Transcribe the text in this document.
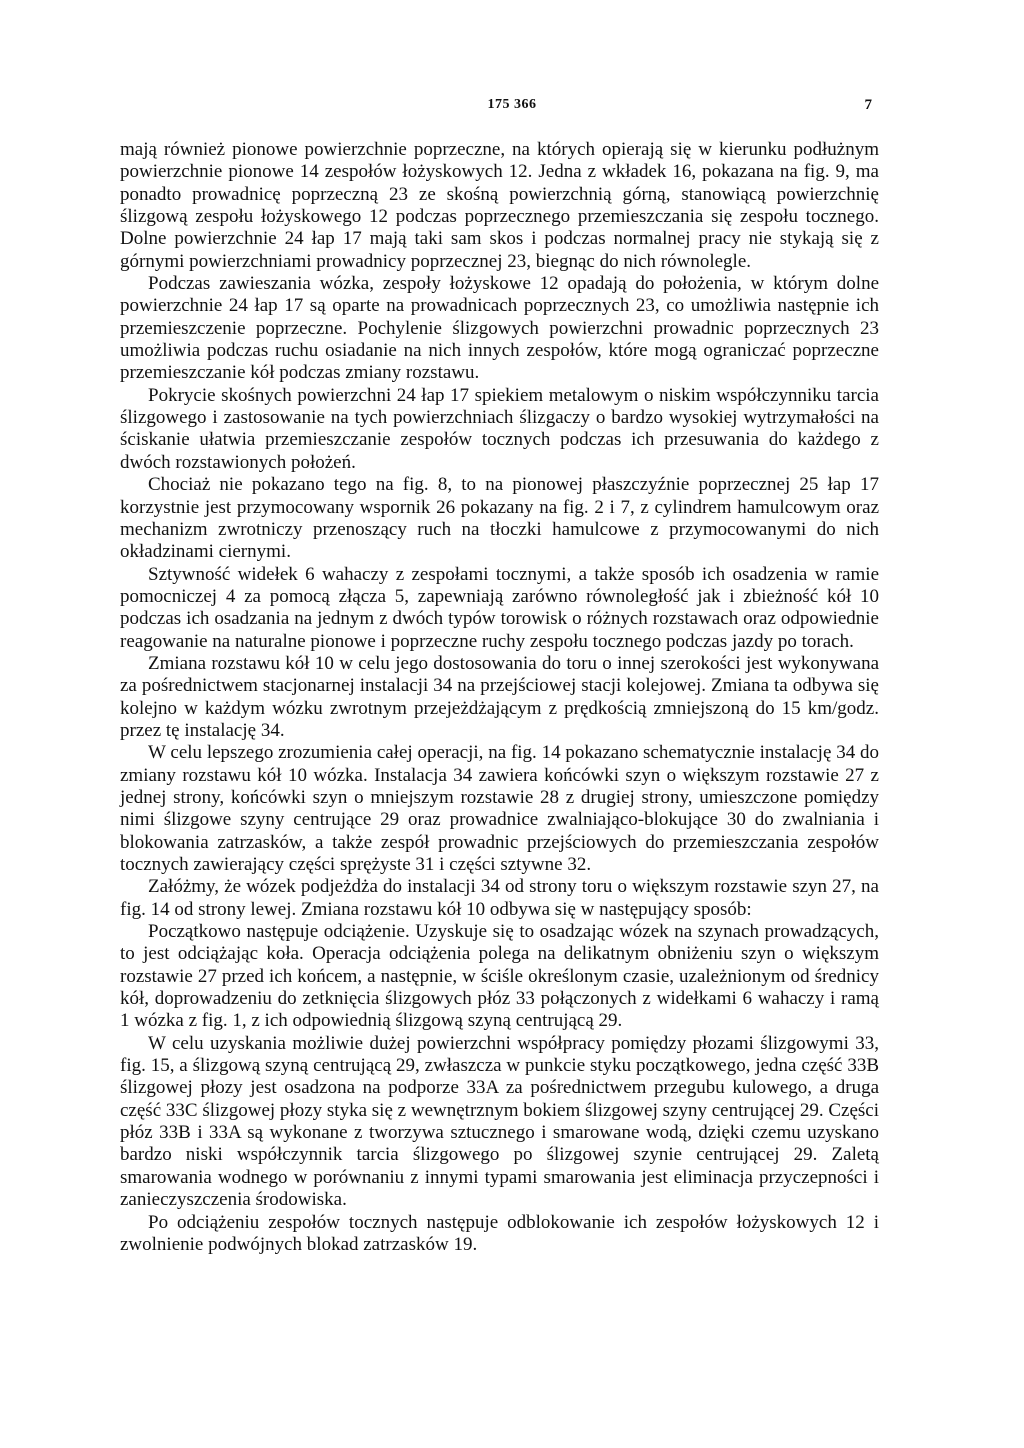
175 366	7

mają również pionowe powierzchnie poprzeczne, na których opierają się w kierunku podłużnym powierzchnie pionowe 14 zespołów łożyskowych 12. Jedna z wkładek 16, pokazana na fig. 9, ma ponadto prowadnicę poprzeczną 23 ze skośną powierzchnią górną, stanowiącą powierzchnię ślizgową zespołu łożyskowego 12 podczas poprzecznego przemieszczania się zespołu tocznego. Dolne powierzchnie 24 łap 17 mają taki sam skos i podczas normalnej pracy nie stykają się z górnymi powierzchniami prowadnicy poprzecznej 23, biegnąc do nich równolegle.

Podczas zawieszania wózka, zespoły łożyskowe 12 opadają do położenia, w którym dolne powierzchnie 24 łap 17 są oparte na prowadnicach poprzecznych 23, co umożliwia następnie ich przemieszczenie poprzeczne. Pochylenie ślizgowych powierzchni prowadnic poprzecznych 23 umożliwia podczas ruchu osiadanie na nich innych zespołów, które mogą ograniczać poprzeczne przemieszczanie kół podczas zmiany rozstawu.

Pokrycie skośnych powierzchni 24 łap 17 spiekiem metalowym o niskim współczynniku tarcia ślizgowego i zastosowanie na tych powierzchniach ślizgaczy o bardzo wysokiej wytrzymałości na ściskanie ułatwia przemieszczanie zespołów tocznych podczas ich przesuwania do każdego z dwóch rozstawionych położeń.

Chociaż nie pokazano tego na fig. 8, to na pionowej płaszczyźnie poprzecznej 25 łap 17 korzystnie jest przymocowany wspornik 26 pokazany na fig. 2 i 7, z cylindrem hamulcowym oraz mechanizm zwrotniczy przenoszący ruch na tłoczki hamulcowe z przymocowanymi do nich okładzinami ciernymi.

Sztywność widełek 6 wahaczy z zespołami tocznymi, a także sposób ich osadzenia w ramie pomocniczej 4 za pomocą złącza 5, zapewniają zarówno równoległość jak i zbieżność kół 10 podczas ich osadzania na jednym z dwóch typów torowisk o różnych rozstawach oraz odpowiednie reagowanie na naturalne pionowe i poprzeczne ruchy zespołu tocznego podczas jazdy po torach.

Zmiana rozstawu kół 10 w celu jego dostosowania do toru o innej szerokości jest wykonywana za pośrednictwem stacjonarnej instalacji 34 na przejściowej stacji kolejowej. Zmiana ta odbywa się kolejno w każdym wózku zwrotnym przejeżdżającym z prędkością zmniejszoną do 15 km/godz. przez tę instalację 34.

W celu lepszego zrozumienia całej operacji, na fig. 14 pokazano schematycznie instalację 34 do zmiany rozstawu kół 10 wózka. Instalacja 34 zawiera końcówki szyn o większym rozstawie 27 z jednej strony, końcówki szyn o mniejszym rozstawie 28 z drugiej strony, umieszczone pomiędzy nimi ślizgowe szyny centrujące 29 oraz prowadnice zwalniająco-blokujące 30 do zwalniania i blokowania zatrzasków, a także zespół prowadnic przejściowych do przemieszczania zespołów tocznych zawierający części sprężyste 31 i części sztywne 32.

Załóżmy, że wózek podjeżdża do instalacji 34 od strony toru o większym rozstawie szyn 27, na fig. 14 od strony lewej. Zmiana rozstawu kół 10 odbywa się w następujący sposób:

Początkowo następuje odciążenie. Uzyskuje się to osadzając wózek na szynach prowadzących, to jest odciążając koła. Operacja odciążenia polega na delikatnym obniżeniu szyn o większym rozstawie 27 przed ich końcem, a następnie, w ściśle określonym czasie, uzależnionym od średnicy kół, doprowadzeniu do zetknięcia ślizgowych płóz 33 połączonych z widełkami 6 wahaczy i ramą 1 wózka z fig. 1, z ich odpowiednią ślizgową szyną centrującą 29.

W celu uzyskania możliwie dużej powierzchni współpracy pomiędzy płozami ślizgowymi 33, fig. 15, a ślizgową szyną centrującą 29, zwłaszcza w punkcie styku początkowego, jedna część 33B ślizgowej płozy jest osadzona na podporze 33A za pośrednictwem przegubu kulowego, a druga część 33C ślizgowej płozy styka się z wewnętrznym bokiem ślizgowej szyny centrującej 29. Części płóz 33B i 33A są wykonane z tworzywa sztucznego i smarowane wodą, dzięki czemu uzyskano bardzo niski współczynnik tarcia ślizgowego po ślizgowej szynie centrującej 29. Zaletą smarowania wodnego w porównaniu z innymi typami smarowania jest eliminacja przyczepności i zanieczyszczenia środowiska.

Po odciążeniu zespołów tocznych następuje odblokowanie ich zespołów łożyskowych 12 i zwolnienie podwójnych blokad zatrzasków 19.
